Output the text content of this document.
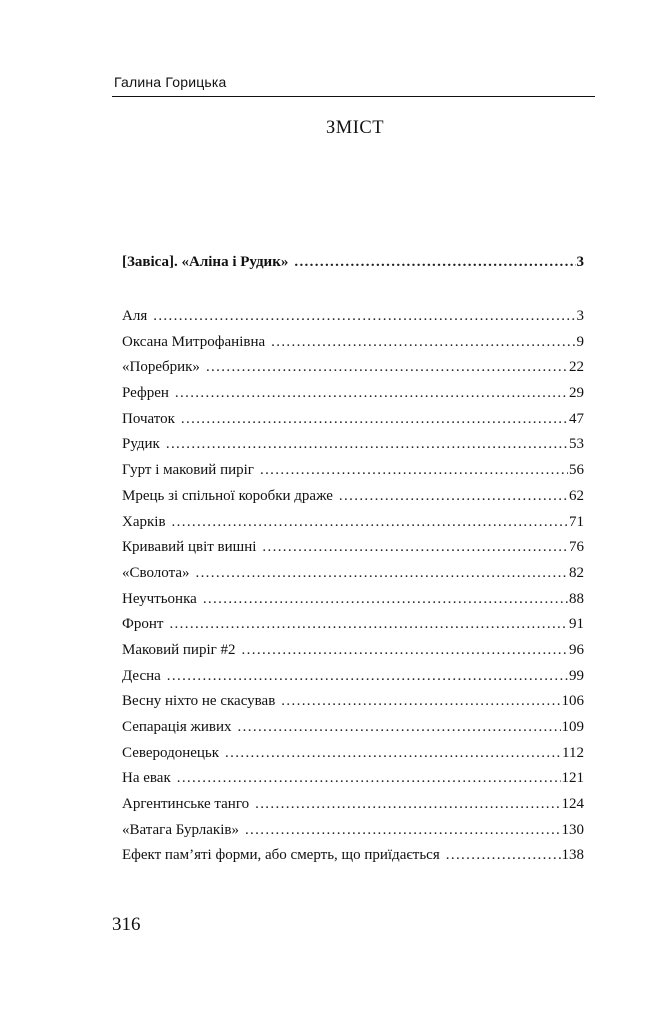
Галина Горицька
ЗМІСТ
[Завіса]. «Аліна і Рудик» . . .	3
Аля . . .	3
Оксана Митрофанівна . . .	9
«Поребрик» . . .	22
Рефрен . . .	29
Початок . . .	47
Рудик . . .	53
Гурт і маковий пиріг . . .	56
Мрець зі спільної коробки драже . . .	62
Харків . . .	71
Кривавий цвіт вишні . . .	76
«Сволота» . . .	82
Неучтьонка . . .	88
Фронт . . .	91
Маковий пиріг #2 . . .	96
Десна . . .	99
Весну ніхто не скасував . . .	106
Сепарація живих . . .	109
Северодонецьк . . .	112
На евак . . .	121
Аргентинське танго . . .	124
«Ватага Бурлаків» . . .	130
Ефект пам’яті форми, або смерть, що приїдається . . .	138
316
